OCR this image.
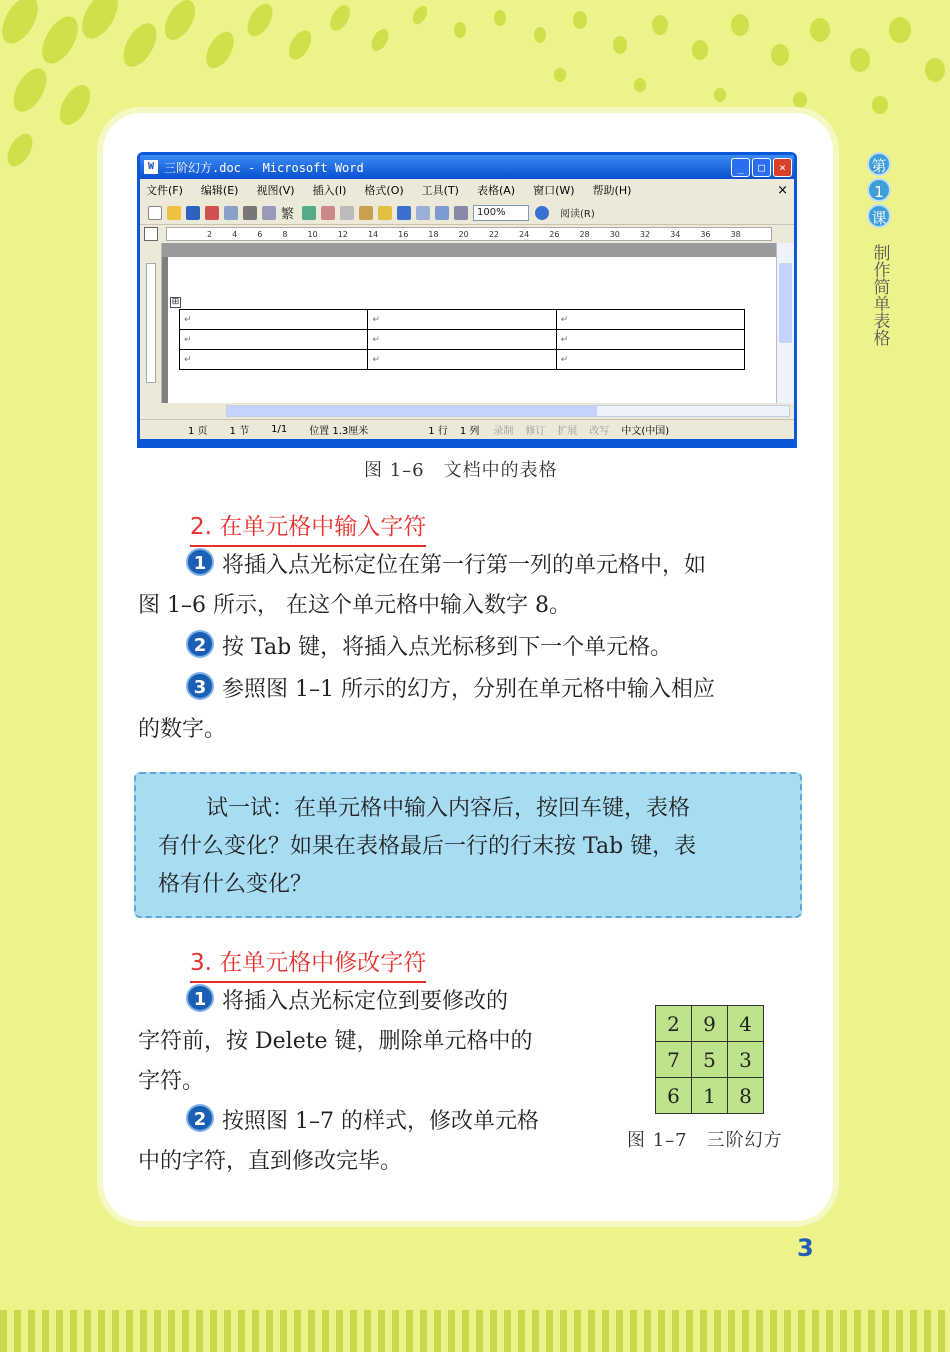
第
1
课
制作简单表格
W 三阶幻方.doc - Microsoft Word	_	□	×
文件(F) 编辑(E) 视图(V) 插入(I) 格式(O) 工具(T) 表格(A) 窗口(W) 帮助(H)	×
繁	100%	阅读(R)
2	4	6	8	10	12	14	16	18	20	22	24	26	28	30	32	34	36	38
⊞
↵	↵	↵
↵	↵	↵
↵	↵	↵
1 页 1 节 1/1 位置 1.3厘米	1 行 1 列 录制 修订 扩展 改写 中文(中国)
图 1–6　文档中的表格
2. 在单元格中输入字符
1 将插入点光标定位在第一行第一列的单元格中，如
图 1–6 所示， 在这个单元格中输入数字 8。
2 按 Tab 键，将插入点光标移到下一个单元格。
3 参照图 1–1 所示的幻方，分别在单元格中输入相应
的数字。
试一试：在单元格中输入内容后，按回车键，表格
有什么变化？如果在表格最后一行的行末按 Tab 键，表
格有什么变化？
3. 在单元格中修改字符
1 将插入点光标定位到要修改的
字符前，按 Delete 键，删除单元格中的
字符。
2 按照图 1–7 的样式，修改单元格
中的字符，直到修改完毕。
2	9	4
7	5	3
6	1	8
图 1–7　三阶幻方
3
